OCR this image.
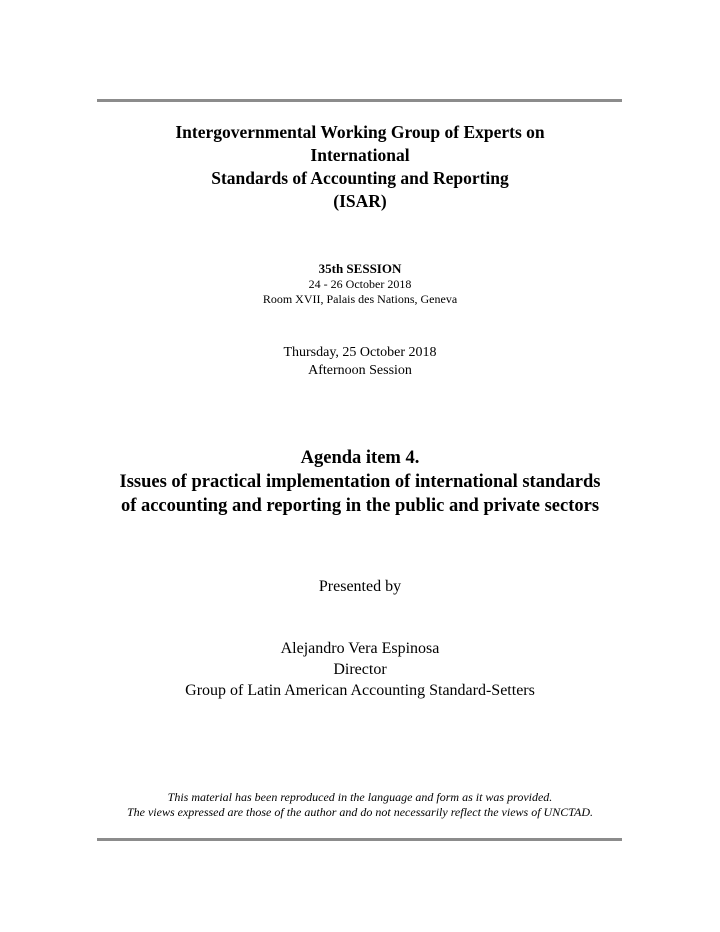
Intergovernmental Working Group of Experts on
International
Standards of Accounting and Reporting
(ISAR)
35th SESSION
24 - 26 October 2018
Room XVII, Palais des Nations, Geneva
Thursday, 25 October 2018
Afternoon Session
Agenda item 4.
Issues of practical implementation of international standards
of accounting and reporting in the public and private sectors
Presented by
Alejandro Vera Espinosa
Director
Group of Latin American Accounting Standard-Setters
This material has been reproduced in the language and form as it was provided.
The views expressed are those of the author and do not necessarily reflect the views of UNCTAD.
